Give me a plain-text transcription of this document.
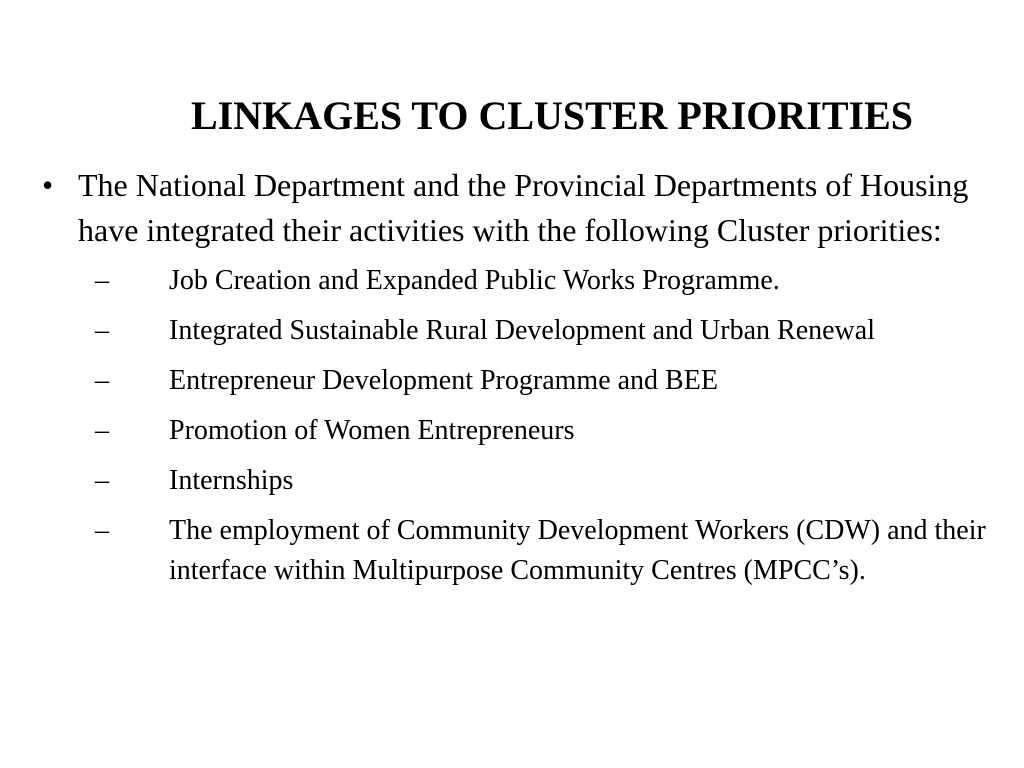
LINKAGES TO CLUSTER PRIORITIES

• The National Department and the Provincial Departments of Housing have integrated their activities with the following Cluster priorities:

– Job Creation and Expanded Public Works Programme.
– Integrated Sustainable Rural Development and Urban Renewal
– Entrepreneur Development Programme and BEE
– Promotion of Women Entrepreneurs
– Internships
– The employment of Community Development Workers (CDW) and their interface within Multipurpose Community Centres (MPCC’s).
